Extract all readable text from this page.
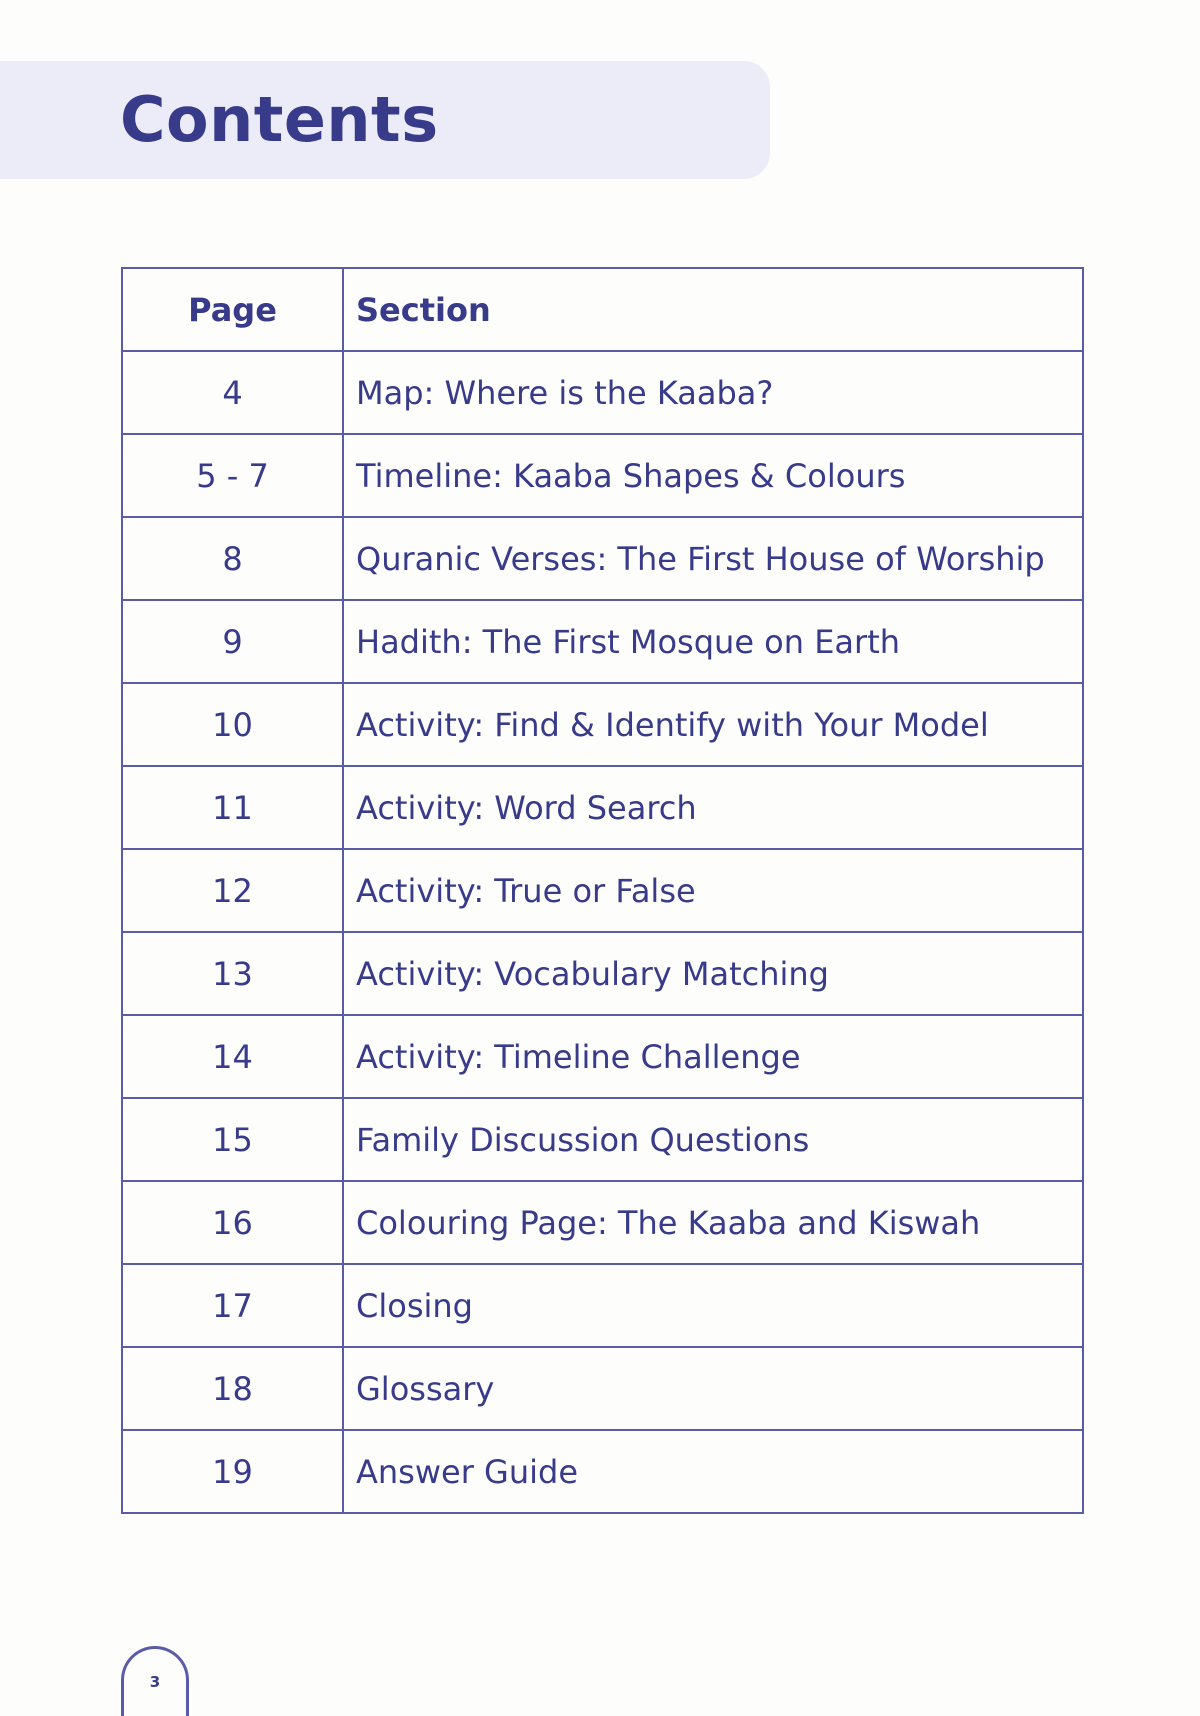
Contents
Page	Section
4	Map: Where is the Kaaba?
5 - 7	Timeline: Kaaba Shapes & Colours
8	Quranic Verses: The First House of Worship
9	Hadith: The First Mosque on Earth
10	Activity: Find & Identify with Your Model
11	Activity: Word Search
12	Activity: True or False
13	Activity: Vocabulary Matching
14	Activity: Timeline Challenge
15	Family Discussion Questions
16	Colouring Page: The Kaaba and Kiswah
17	Closing
18	Glossary
19	Answer Guide
3
